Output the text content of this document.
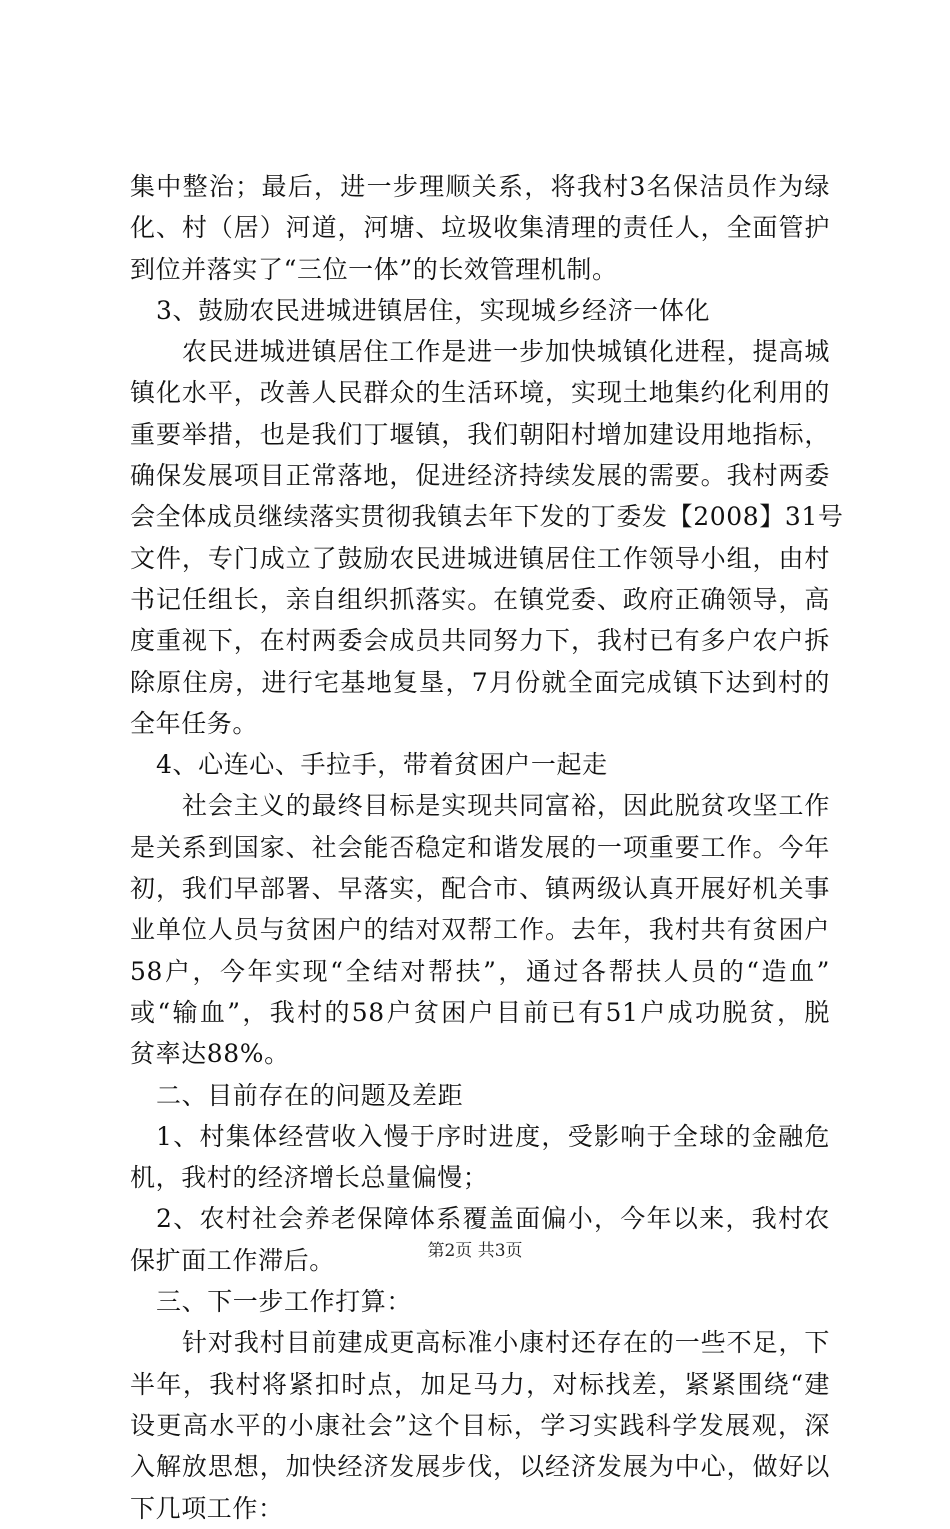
集中整治；最后，进一步理顺关系，将我村3名保洁员作为绿
化、村（居）河道，河塘、垃圾收集清理的责任人，全面管护
到位并落实了“三位一体”的长效管理机制。
3、鼓励农民进城进镇居住，实现城乡经济一体化
农民进城进镇居住工作是进一步加快城镇化进程，提高城
镇化水平，改善人民群众的生活环境，实现土地集约化利用的
重要举措，也是我们丁堰镇，我们朝阳村增加建设用地指标，
确保发展项目正常落地，促进经济持续发展的需要。我村两委
会全体成员继续落实贯彻我镇去年下发的丁委发【2008】31号
文件，专门成立了鼓励农民进城进镇居住工作领导小组，由村
书记任组长，亲自组织抓落实。在镇党委、政府正确领导，高
度重视下，在村两委会成员共同努力下，我村已有多户农户拆
除原住房，进行宅基地复垦，7月份就全面完成镇下达到村的
全年任务。
4、心连心、手拉手，带着贫困户一起走
社会主义的最终目标是实现共同富裕，因此脱贫攻坚工作
是关系到国家、社会能否稳定和谐发展的一项重要工作。今年
初，我们早部署、早落实，配合市、镇两级认真开展好机关事
业单位人员与贫困户的结对双帮工作。去年，我村共有贫困户
58户，今年实现“全结对帮扶”，通过各帮扶人员的“造血”
或“输血”，我村的58户贫困户目前已有51户成功脱贫，脱
贫率达88%。
二、目前存在的问题及差距
1、村集体经营收入慢于序时进度，受影响于全球的金融危
机，我村的经济增长总量偏慢；
2、农村社会养老保障体系覆盖面偏小，今年以来，我村农
保扩面工作滞后。
三、下一步工作打算：
针对我村目前建成更高标准小康村还存在的一些不足，下
半年，我村将紧扣时点，加足马力，对标找差，紧紧围绕“建
设更高水平的小康社会”这个目标，学习实践科学发展观，深
入解放思想，加快经济发展步伐，以经济发展为中心，做好以
下几项工作：
第2页 共3页
